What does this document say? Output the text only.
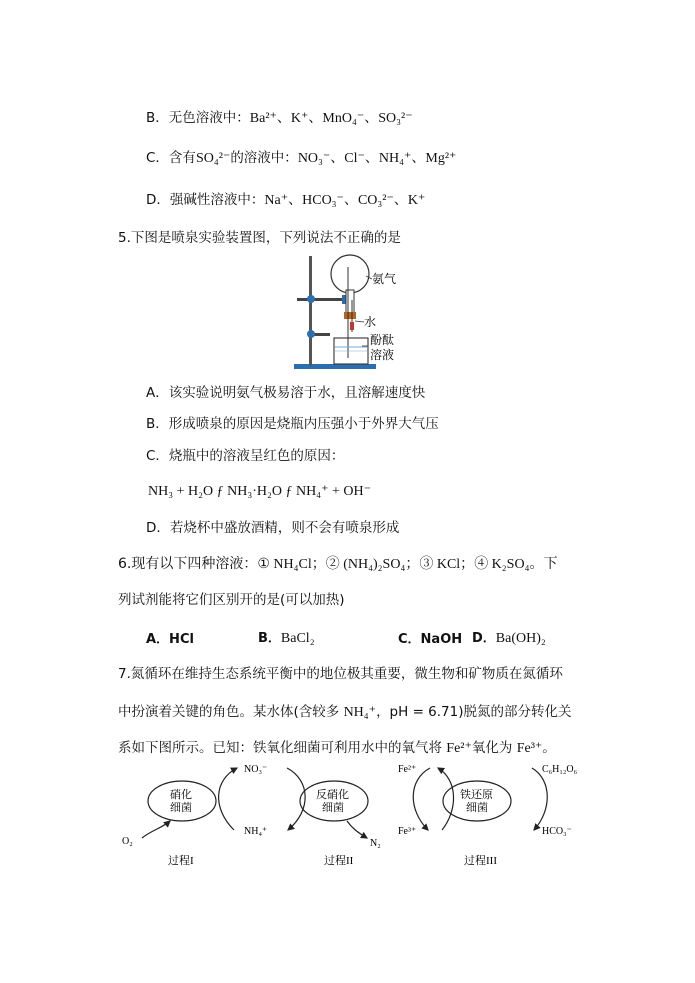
B．无色溶液中：Ba²⁺、K⁺、MnO₄⁻、SO₃²⁻
C．含有SO₄²⁻的溶液中：NO₃⁻、Cl⁻、NH₄⁺、Mg²⁺
D．强碱性溶液中：Na⁺、HCO₃⁻、CO₃²⁻、K⁺
5.下图是喷泉实验装置图，下列说法不正确的是
氨气
水
酚酞
溶液
A．该实验说明氨气极易溶于水，且溶解速度快
B．形成喷泉的原因是烧瓶内压强小于外界大气压
C．烧瓶中的溶液呈红色的原因：
NH₃ + H₂O ƒ NH₃·H₂O ƒ NH₄⁺ + OH⁻
D．若烧杯中盛放酒精，则不会有喷泉形成
6.现有以下四种溶液：① NH₄Cl；② (NH₄)₂SO₄；③ KCl；④ K₂SO₄。下
列试剂能将它们区别开的是(可以加热)
A．HCl	B．BaCl₂	C．NaOH D．Ba(OH)₂
7.氮循环在维持生态系统平衡中的地位极其重要，微生物和矿物质在氮循环
中扮演着关键的角色。某水体(含较多 NH₄⁺，pH = 6.71)脱氮的部分转化关
系如下图所示。已知：铁氧化细菌可利用水中的氧气将 Fe²⁺氧化为 Fe³⁺。
硝化
细菌
反硝化
细菌
铁还原
细菌
NO₃⁻
NH₄⁺
O₂
Fe²⁺
Fe³⁺
N₂
C₆H₁₂O₆
HCO₃⁻
过程I	过程II	过程III
